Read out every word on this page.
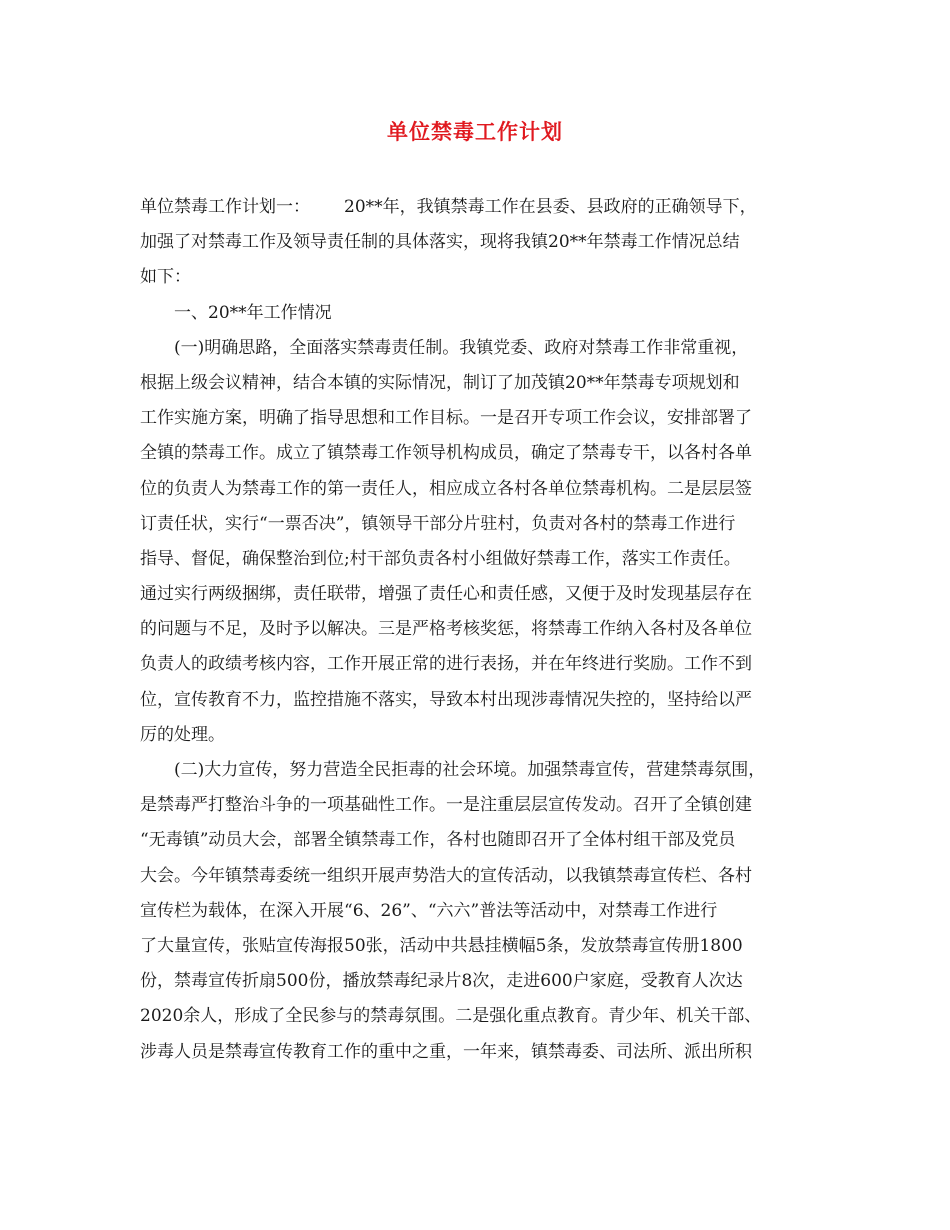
单位禁毒工作计划
单位禁毒工作计划一： 20**年，我镇禁毒工作在县委、县政府的正确领导下，
加强了对禁毒工作及领导责任制的具体落实，现将我镇20**年禁毒工作情况总结
如下：
一、20**年工作情况
(一)明确思路，全面落实禁毒责任制。我镇党委、政府对禁毒工作非常重视，
根据上级会议精神，结合本镇的实际情况，制订了加茂镇20**年禁毒专项规划和
工作实施方案，明确了指导思想和工作目标。一是召开专项工作会议，安排部署了
全镇的禁毒工作。成立了镇禁毒工作领导机构成员，确定了禁毒专干，以各村各单
位的负责人为禁毒工作的第一责任人，相应成立各村各单位禁毒机构。二是层层签
订责任状，实行“一票否决”，镇领导干部分片驻村，负责对各村的禁毒工作进行
指导、督促，确保整治到位;村干部负责各村小组做好禁毒工作，落实工作责任。
通过实行两级捆绑，责任联带，增强了责任心和责任感，又便于及时发现基层存在
的问题与不足，及时予以解决。三是严格考核奖惩，将禁毒工作纳入各村及各单位
负责人的政绩考核内容，工作开展正常的进行表扬，并在年终进行奖励。工作不到
位，宣传教育不力，监控措施不落实，导致本村出现涉毒情况失控的，坚持给以严
厉的处理。
(二)大力宣传，努力营造全民拒毒的社会环境。加强禁毒宣传，营建禁毒氛围，
是禁毒严打整治斗争的一项基础性工作。一是注重层层宣传发动。召开了全镇创建
“无毒镇”动员大会，部署全镇禁毒工作，各村也随即召开了全体村组干部及党员
大会。今年镇禁毒委统一组织开展声势浩大的宣传活动，以我镇禁毒宣传栏、各村
宣传栏为载体，在深入开展“6、26”、“六六”普法等活动中，对禁毒工作进行
了大量宣传，张贴宣传海报50张，活动中共悬挂横幅5条，发放禁毒宣传册1800
份，禁毒宣传折扇500份，播放禁毒纪录片8次，走进600户家庭，受教育人次达
2020余人，形成了全民参与的禁毒氛围。二是强化重点教育。青少年、机关干部、
涉毒人员是禁毒宣传教育工作的重中之重，一年来，镇禁毒委、司法所、派出所积
